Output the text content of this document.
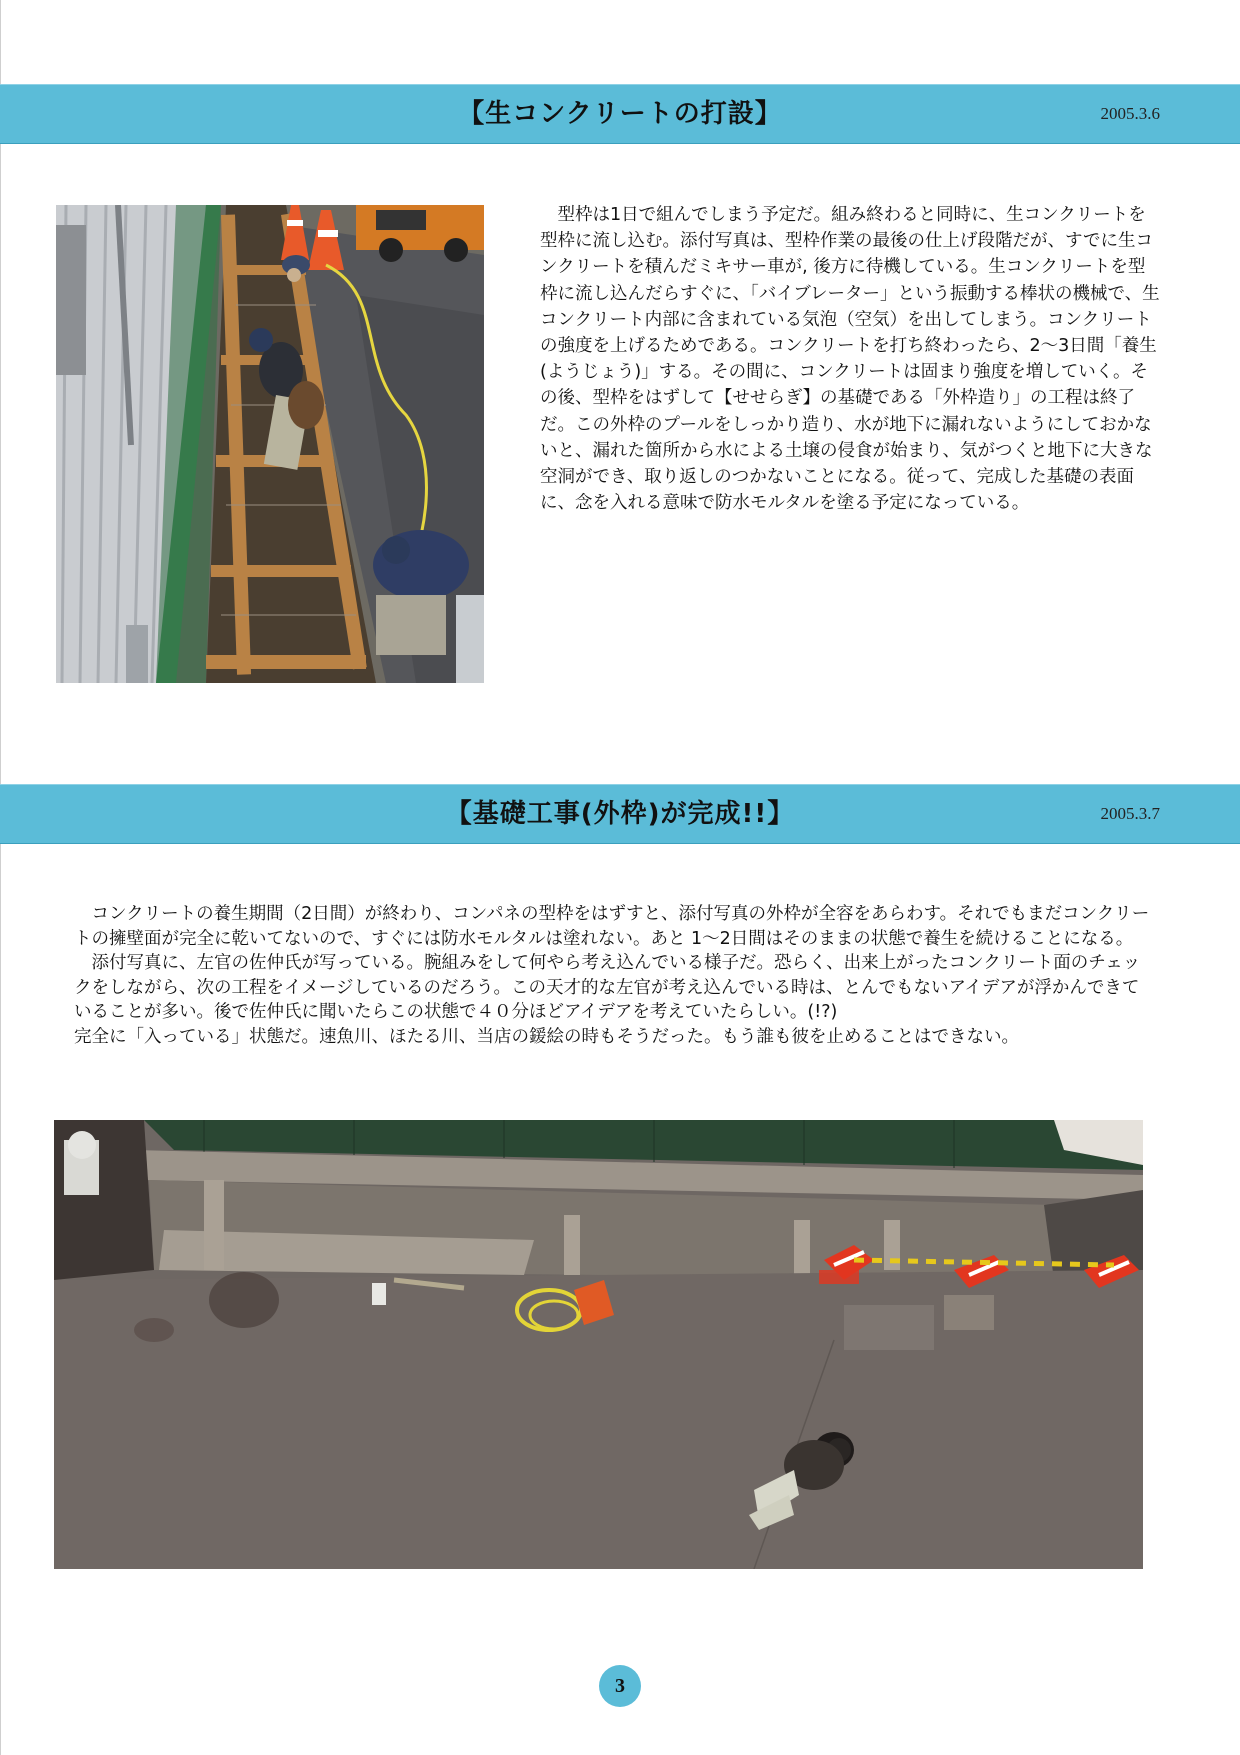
【生コンクリートの打設】	2005.3.6

　型枠は1日で組んでしまう予定だ。組み終わると同時に、生コンクリートを型枠に流し込む。添付写真は、型枠作業の最後の仕上げ段階だが、すでに生コンクリートを積んだミキサー車が, 後方に待機している。生コンクリートを型枠に流し込んだらすぐに、「バイブレーター」という振動する棒状の機械で、生コンクリート内部に含まれている気泡（空気）を出してしまう。コンクリートの強度を上げるためである。コンクリートを打ち終わったら、2〜3日間「養生(ようじょう)」する。その間に、コンクリートは固まり強度を増していく。その後、型枠をはずして【せせらぎ】の基礎である「外枠造り」の工程は終了だ。この外枠のプールをしっかり造り、水が地下に漏れないようにしておかないと、漏れた箇所から水による土壌の侵食が始まり、気がつくと地下に大きな空洞ができ、取り返しのつかないことになる。従って、完成した基礎の表面に、念を入れる意味で防水モルタルを塗る予定になっている。

【基礎工事(外枠)が完成!!】	2005.3.7

　コンクリートの養生期間（2日間）が終わり、コンパネの型枠をはずすと、添付写真の外枠が全容をあらわす。それでもまだコンクリートの擁壁面が完全に乾いてないので、すぐには防水モルタルは塗れない。あと 1〜2日間はそのままの状態で養生を続けることになる。
　添付写真に、左官の佐仲氏が写っている。腕組みをして何やら考え込んでいる様子だ。恐らく、出来上がったコンクリート面のチェックをしながら、次の工程をイメージしているのだろう。この天才的な左官が考え込んでいる時は、とんでもないアイデアが浮かんできていることが多い。後で佐仲氏に聞いたらこの状態で４０分ほどアイデアを考えていたらしい。(!?)
完全に「入っている」状態だ。速魚川、ほたる川、当店の鍰絵の時もそうだった。もう誰も彼を止めることはできない。

3
